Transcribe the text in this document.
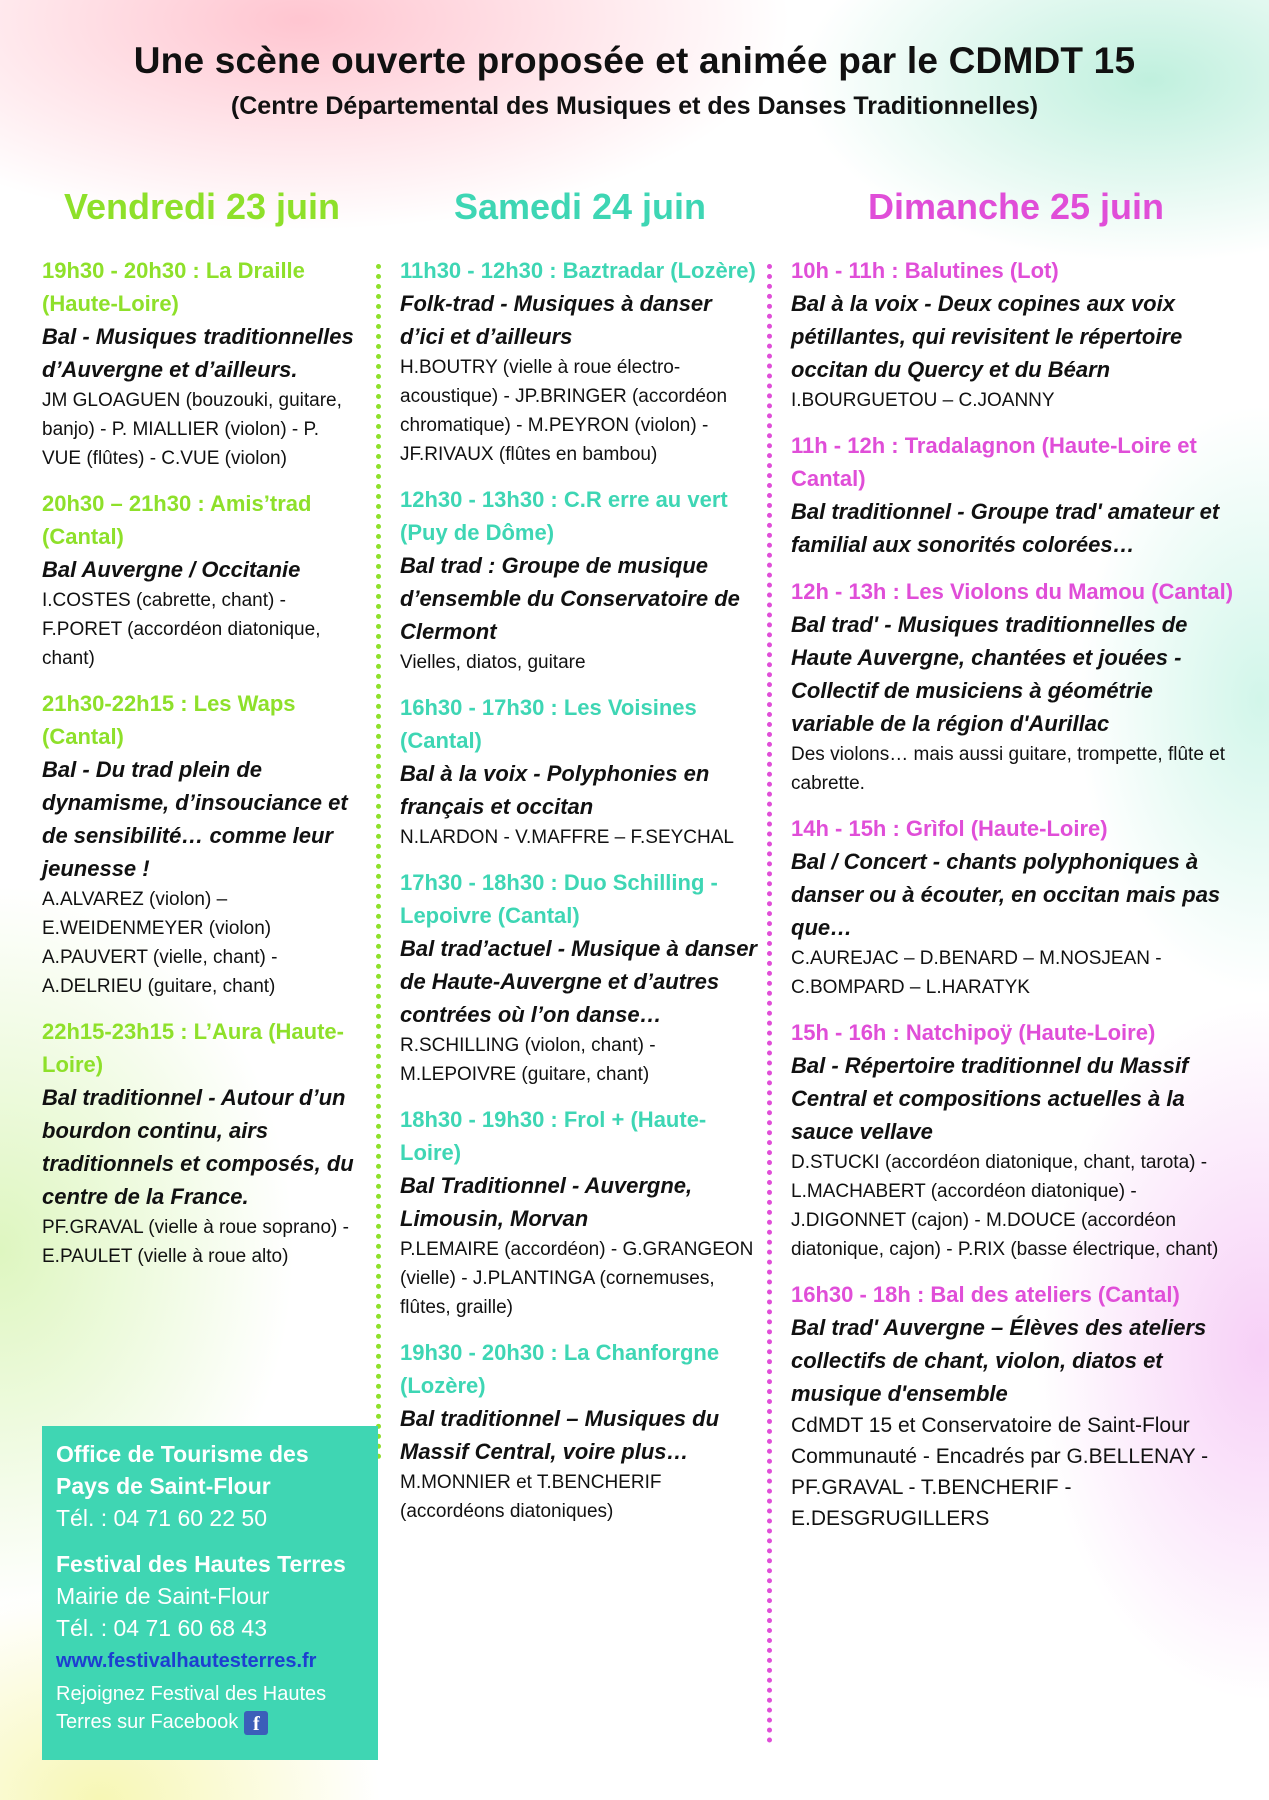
Une scène ouverte proposée et animée par le CDMDT 15

(Centre Départemental des Musiques et des Danses Traditionnelles)

Vendredi 23 juin
19h30 - 20h30 : La Draille (Haute-Loire)
Bal - Musiques traditionnelles d’Auvergne et d’ailleurs.
JM GLOAGUEN (bouzouki, guitare, banjo) - P. MIALLIER (violon) - P. VUE (flûtes) - C.VUE (violon)
20h30 – 21h30 : Amis’trad (Cantal)
Bal Auvergne / Occitanie
I.COSTES (cabrette, chant) - F.PORET (accordéon diatonique, chant)
21h30-22h15 : Les Waps (Cantal)
Bal - Du trad plein de dynamisme, d’insouciance et de sensibilité… comme leur jeunesse !
A.ALVAREZ (violon) – E.WEIDENMEYER (violon) A.PAUVERT (vielle, chant) - A.DELRIEU (guitare, chant)
22h15-23h15 : L’Aura (Haute-Loire)
Bal traditionnel - Autour d’un bourdon continu, airs traditionnels et composés, du centre de la France.
PF.GRAVAL (vielle à roue soprano) - E.PAULET (vielle à roue alto)
Samedi 24 juin
11h30 - 12h30 : Baztradar (Lozère)
Folk-trad - Musiques à danser d’ici et d’ailleurs
H.BOUTRY (vielle à roue électro-acoustique) - JP.BRINGER (accordéon chromatique) - M.PEYRON (violon) - JF.RIVAUX (flûtes en bambou)
12h30 - 13h30 : C.R erre au vert (Puy de Dôme)
Bal trad : Groupe de musique d’ensemble du Conservatoire de Clermont
Vielles, diatos, guitare
16h30 - 17h30 : Les Voisines (Cantal)
Bal à la voix - Polyphonies en français et occitan
N.LARDON - V.MAFFRE – F.SEYCHAL
17h30 - 18h30 : Duo Schilling - Lepoivre (Cantal)
Bal trad’actuel - Musique à danser de Haute-Auvergne et d’autres contrées où l’on danse…
R.SCHILLING (violon, chant) - M.LEPOIVRE (guitare, chant)
18h30 - 19h30 : Frol + (Haute-Loire)
Bal Traditionnel - Auvergne, Limousin, Morvan
P.LEMAIRE (accordéon) - G.GRANGEON (vielle) - J.PLANTINGA (cornemuses, flûtes, graille)
19h30 - 20h30 : La Chanforgne (Lozère)
Bal traditionnel – Musiques du Massif Central, voire plus…
M.MONNIER et T.BENCHERIF (accordéons diatoniques)
Dimanche 25 juin
10h - 11h : Balutines (Lot)
Bal à la voix - Deux copines aux voix pétillantes, qui revisitent le répertoire occitan du Quercy et du Béarn
I.BOURGUETOU – C.JOANNY
11h - 12h : Tradalagnon (Haute-Loire et Cantal)
Bal traditionnel - Groupe trad' amateur et familial aux sonorités colorées…
12h - 13h : Les Violons du Mamou (Cantal)
Bal trad' - Musiques traditionnelles de Haute Auvergne, chantées et jouées - Collectif de musiciens à géométrie variable de la région d'Aurillac
Des violons… mais aussi guitare, trompette, flûte et cabrette.
14h - 15h : Grìfol (Haute-Loire)
Bal / Concert - chants polyphoniques à danser ou à écouter, en occitan mais pas que…
C.AUREJAC – D.BENARD – M.NOSJEAN - C.BOMPARD – L.HARATYK
15h - 16h : Natchipoÿ (Haute-Loire)
Bal - Répertoire traditionnel du Massif Central et compositions actuelles à la sauce vellave
D.STUCKI (accordéon diatonique, chant, tarota) - L.MACHABERT (accordéon diatonique) - J.DIGONNET (cajon) - M.DOUCE (accordéon diatonique, cajon) - P.RIX (basse électrique, chant)
16h30 - 18h : Bal des ateliers (Cantal)
Bal trad' Auvergne – Élèves des ateliers collectifs de chant, violon, diatos et musique d'ensemble
CdMDT 15 et Conservatoire de Saint-Flour Communauté - Encadrés par G.BELLENAY - PF.GRAVAL - T.BENCHERIF - E.DESGRUGILLERS

Office de Tourisme des Pays de Saint-Flour

Tél. : 04 71 60 22 50

Festival des Hautes Terres

Mairie de Saint-Flour

Tél. : 04 71 60 68 43

www.festivalhautesterres.fr

Rejoignez Festival des Hautes Terres sur Facebook f
